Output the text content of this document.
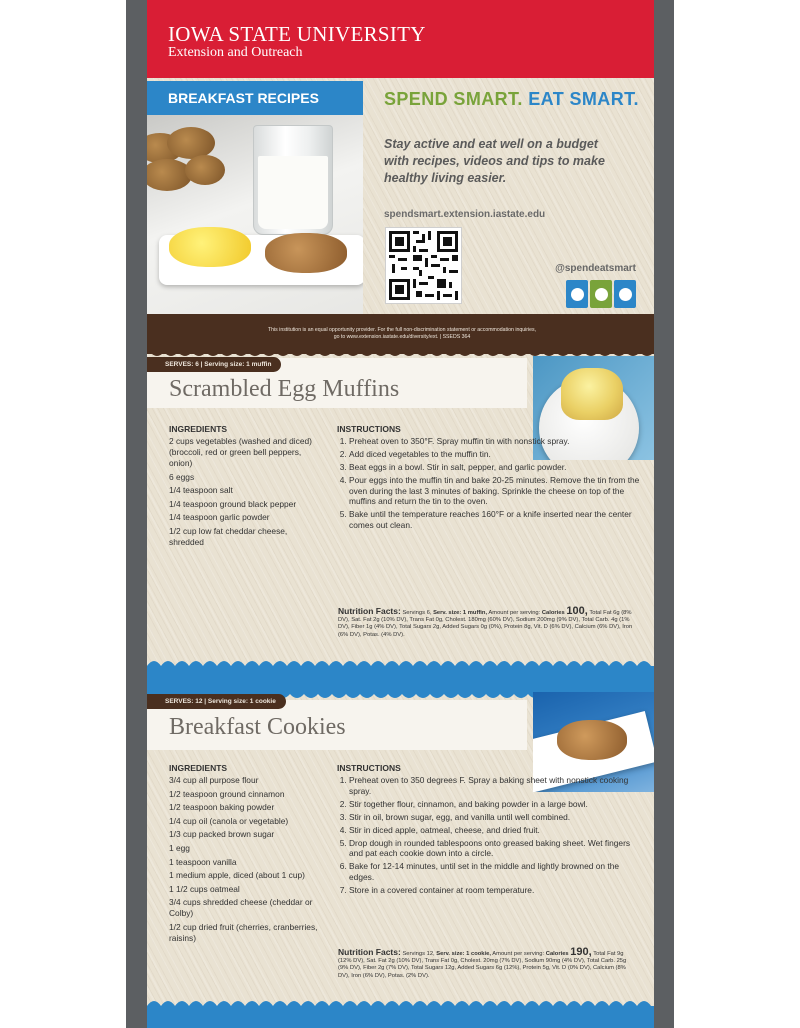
IOWA STATE UNIVERSITY
Extension and Outreach
BREAKFAST RECIPES	SPEND SMART. EAT SMART.
Stay active and eat well on a budget with recipes, videos and tips to make healthy living easier.
spendsmart.extension.iastate.edu
@spendeatsmart
This institution is an equal opportunity provider. For the full non-discrimination statement or accommodation inquiries,
go to www.extension.iastate.edu/diversity/ext. | SSEDS 364
SERVES: 6 | Serving size: 1 muffin
Scrambled Egg Muffins
INGREDIENTS	INSTRUCTIONS
2 cups vegetables (washed and diced) (broccoli, red or green bell peppers, onion)
6 eggs
1/4 teaspoon salt
1/4 teaspoon ground black pepper
1/4 teaspoon garlic powder
1/2 cup low fat cheddar cheese, shredded
1. Preheat oven to 350°F. Spray muffin tin with nonstick spray.
2. Add diced vegetables to the muffin tin.
3. Beat eggs in a bowl. Stir in salt, pepper, and garlic powder.
4. Pour eggs into the muffin tin and bake 20-25 minutes. Remove the tin from the oven during the last 3 minutes of baking. Sprinkle the cheese on top of the muffins and return the tin to the oven.
5. Bake until the temperature reaches 160°F or a knife inserted near the center comes out clean.
Nutrition Facts: Servings 6, Serv. size: 1 muffin, Amount per serving: Calories 100, Total Fat 6g (8% DV), Sat. Fat 2g (10% DV), Trans Fat 0g, Cholest. 180mg (60% DV), Sodium 200mg (9% DV), Total Carb. 4g (1% DV), Fiber 1g (4% DV), Total Sugars 2g, Added Sugars 0g (0%), Protein 8g, Vit. D (6% DV), Calcium (6% DV), Iron (6% DV), Potas. (4% DV).
SERVES: 12 | Serving size: 1 cookie
Breakfast Cookies
INGREDIENTS	INSTRUCTIONS
3/4 cup all purpose flour
1/2 teaspoon ground cinnamon
1/2 teaspoon baking powder
1/4 cup oil (canola or vegetable)
1/3 cup packed brown sugar
1 egg
1 teaspoon vanilla
1 medium apple, diced (about 1 cup)
1 1/2 cups oatmeal
3/4 cups shredded cheese (cheddar or Colby)
1/2 cup dried fruit (cherries, cranberries, raisins)
1. Preheat oven to 350 degrees F. Spray a baking sheet with nonstick cooking spray.
2. Stir together flour, cinnamon, and baking powder in a large bowl.
3. Stir in oil, brown sugar, egg, and vanilla until well combined.
4. Stir in diced apple, oatmeal, cheese, and dried fruit.
5. Drop dough in rounded tablespoons onto greased baking sheet. Wet fingers and pat each cookie down into a circle.
6. Bake for 12-14 minutes, until set in the middle and lightly browned on the edges.
7. Store in a covered container at room temperature.
Nutrition Facts: Servings 12, Serv. size: 1 cookie, Amount per serving: Calories 190, Total Fat 9g (12% DV), Sat. Fat 2g (10% DV), Trans Fat 0g, Cholest. 20mg (7% DV), Sodium 90mg (4% DV), Total Carb. 25g (9% DV), Fiber 2g (7% DV), Total Sugars 12g, Added Sugars 6g (12%), Protein 5g, Vit. D (0% DV), Calcium (8% DV), Iron (6% DV), Potas. (2% DV).
